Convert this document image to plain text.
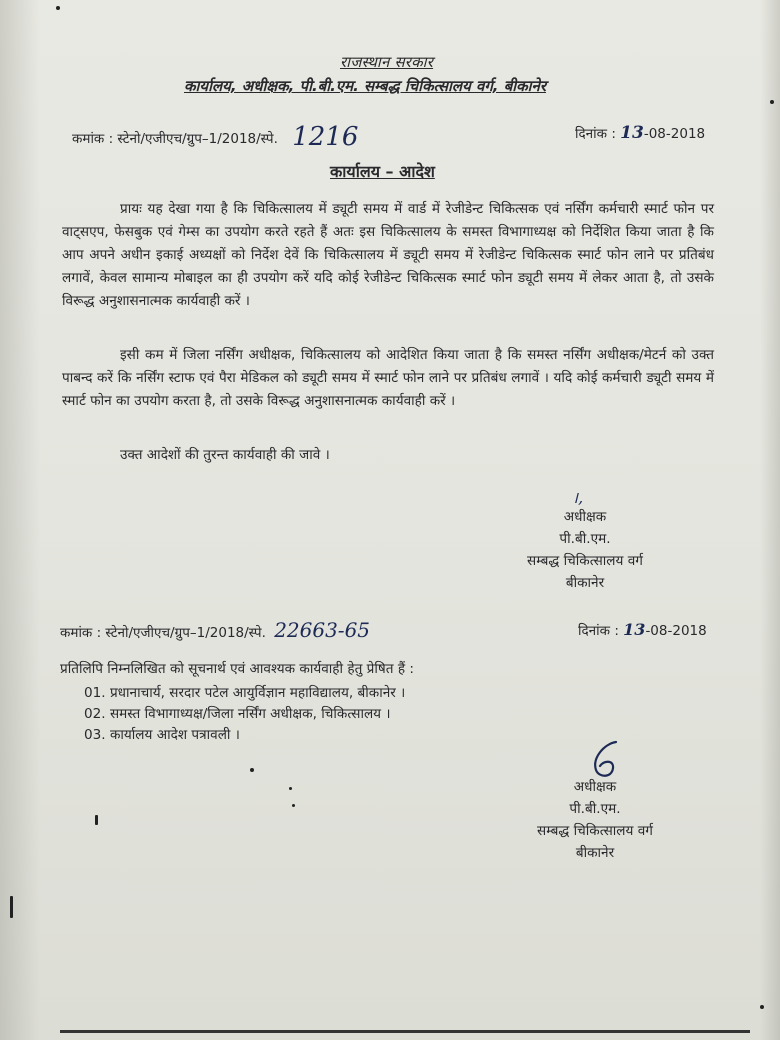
राजस्थान सरकार
कार्यालय, अधीक्षक, पी.बी.एम. सम्बद्ध चिकित्सालय वर्ग, बीकानेर
कमांक : स्टेनो/एजीएच/ग्रुप–1/2018/स्पे. 1216	दिनांक : 13-08-2018
कार्यालय – आदेश

प्रायः यह देखा गया है कि चिकित्सालय में ड्यूटी समय में वार्ड में रेजीडेन्ट चिकित्सक एवं नर्सिंग कर्मचारी स्मार्ट फोन पर वाट्सएप, फेसबुक एवं गेम्स का उपयोग करते रहते हैं अतः इस चिकित्सालय के समस्त विभागाध्यक्ष को निर्देशित किया जाता है कि आप अपने अधीन इकाई अध्यक्षों को निर्देश देवें कि चिकित्सालय में ड्यूटी समय में रेजीडेन्ट चिकित्सक स्मार्ट फोन लाने पर प्रतिबंध लगावें, केवल सामान्य मोबाइल का ही उपयोग करें यदि कोई रेजीडेन्ट चिकित्सक स्मार्ट फोन ड्यूटी समय में लेकर आता है, तो उसके विरूद्ध अनुशासनात्मक कार्यवाही करें ।

इसी कम में जिला नर्सिंग अधीक्षक, चिकित्सालय को आदेशित किया जाता है कि समस्त नर्सिंग अधीक्षक/मेटर्न को उक्त पाबन्द करें कि नर्सिंग स्टाफ एवं पैरा मेडिकल को ड्यूटी समय में स्मार्ट फोन लाने पर प्रतिबंध लगावें । यदि कोई कर्मचारी ड्यूटी समय में स्मार्ट फोन का उपयोग करता है, तो उसके विरूद्ध अनुशासनात्मक कार्यवाही करें ।

उक्त आदेशों की तुरन्त कार्यवाही की जावे ।

।,
अधीक्षक
पी.बी.एम.
सम्बद्ध चिकित्सालय वर्ग
बीकानेर
कमांक : स्टेनो/एजीएच/ग्रुप–1/2018/स्पे. 22663-65	दिनांक : 13-08-2018
प्रतिलिपि निम्नलिखित को सूचनार्थ एवं आवश्यक कार्यवाही हेतु प्रेषित हैं :
01. प्रधानाचार्य, सरदार पटेल आयुर्विज्ञान महाविद्यालय, बीकानेर ।
02. समस्त विभागाध्यक्ष/जिला नर्सिंग अधीक्षक, चिकित्सालय ।
03. कार्यालय आदेश पत्रावली ।
अधीक्षक
पी.बी.एम.
सम्बद्ध चिकित्सालय वर्ग
बीकानेर
